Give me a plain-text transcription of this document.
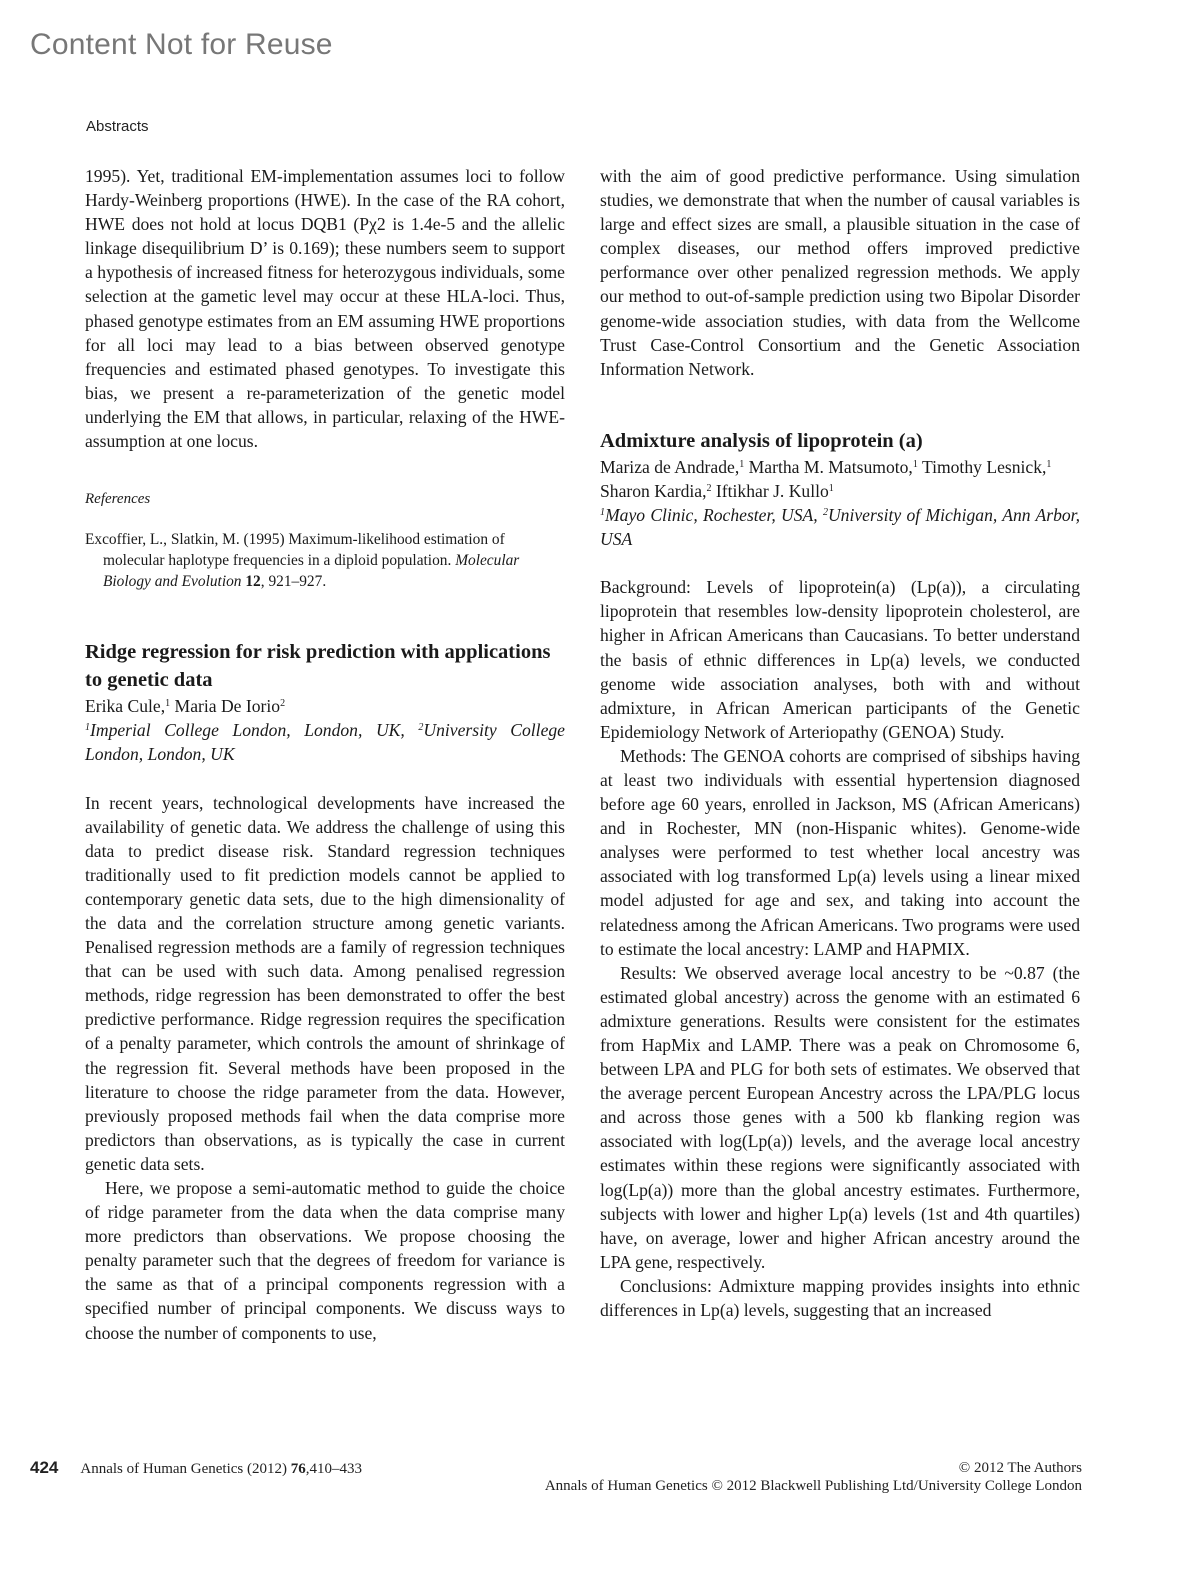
Content Not for Reuse
Abstracts

1995). Yet, traditional EM-implementation assumes loci to follow Hardy-Weinberg proportions (HWE). In the case of the RA cohort, HWE does not hold at locus DQB1 (Pχ2 is 1.4e-5 and the allelic linkage disequilibrium D’ is 0.169); these numbers seem to support a hypothesis of increased fitness for heterozygous individuals, some selection at the gametic level may occur at these HLA-loci. Thus, phased genotype estimates from an EM assuming HWE proportions for all loci may lead to a bias between observed genotype frequencies and estimated phased genotypes. To investigate this bias, we present a re-parameterization of the genetic model underlying the EM that allows, in particular, relaxing of the HWE-assumption at one locus.

References

Excoffier, L., Slatkin, M. (1995) Maximum-likelihood estimation of molecular haplotype frequencies in a diploid population. Molecular Biology and Evolution 12, 921–927.

Ridge regression for risk prediction with applications to genetic data

Erika Cule,$^1$ Maria De Iorio$^2$

$^1$Imperial College London, London, UK, $^2$University College London, London, UK

In recent years, technological developments have increased the availability of genetic data. We address the challenge of using this data to predict disease risk. Standard regression techniques traditionally used to fit prediction models cannot be applied to contemporary genetic data sets, due to the high dimensionality of the data and the correlation structure among genetic variants. Penalised regression methods are a family of regression techniques that can be used with such data. Among penalised regression methods, ridge regression has been demonstrated to offer the best predictive performance. Ridge regression requires the specification of a penalty parameter, which controls the amount of shrinkage of the regression fit. Several methods have been proposed in the literature to choose the ridge parameter from the data. However, previously proposed methods fail when the data comprise more predictors than observations, as is typically the case in current genetic data sets.

Here, we propose a semi-automatic method to guide the choice of ridge parameter from the data when the data comprise many more predictors than observations. We propose choosing the penalty parameter such that the degrees of freedom for variance is the same as that of a principal components regression with a specified number of principal components. We discuss ways to choose the number of components to use,

with the aim of good predictive performance. Using simulation studies, we demonstrate that when the number of causal variables is large and effect sizes are small, a plausible situation in the case of complex diseases, our method offers improved predictive performance over other penalized regression methods. We apply our method to out-of-sample prediction using two Bipolar Disorder genome-wide association studies, with data from the Wellcome Trust Case-Control Consortium and the Genetic Association Information Network.

Admixture analysis of lipoprotein (a)

Mariza de Andrade,$^1$ Martha M. Matsumoto,$^1$ Timothy Lesnick,$^1$ Sharon Kardia,$^2$ Iftikhar J. Kullo$^1$

$^1$Mayo Clinic, Rochester, USA, $^2$University of Michigan, Ann Arbor, USA

Background: Levels of lipoprotein(a) (Lp(a)), a circulating lipoprotein that resembles low-density lipoprotein cholesterol, are higher in African Americans than Caucasians. To better understand the basis of ethnic differences in Lp(a) levels, we conducted genome wide association analyses, both with and without admixture, in African American participants of the Genetic Epidemiology Network of Arteriopathy (GENOA) Study.

Methods: The GENOA cohorts are comprised of sibships having at least two individuals with essential hypertension diagnosed before age 60 years, enrolled in Jackson, MS (African Americans) and in Rochester, MN (non-Hispanic whites). Genome-wide analyses were performed to test whether local ancestry was associated with log transformed Lp(a) levels using a linear mixed model adjusted for age and sex, and taking into account the relatedness among the African Americans. Two programs were used to estimate the local ancestry: LAMP and HAPMIX.

Results: We observed average local ancestry to be ~0.87 (the estimated global ancestry) across the genome with an estimated 6 admixture generations. Results were consistent for the estimates from HapMix and LAMP. There was a peak on Chromosome 6, between LPA and PLG for both sets of estimates. We observed that the average percent European Ancestry across the LPA/PLG locus and across those genes with a 500 kb flanking region was associated with log(Lp(a)) levels, and the average local ancestry estimates within these regions were significantly associated with log(Lp(a)) more than the global ancestry estimates. Furthermore, subjects with lower and higher Lp(a) levels (1st and 4th quartiles) have, on average, lower and higher African ancestry around the LPA gene, respectively.

Conclusions: Admixture mapping provides insights into ethnic differences in Lp(a) levels, suggesting that an increased

424 Annals of Human Genetics (2012) 76,410–433	© 2012 The Authors
Annals of Human Genetics © 2012 Blackwell Publishing Ltd/University College London
